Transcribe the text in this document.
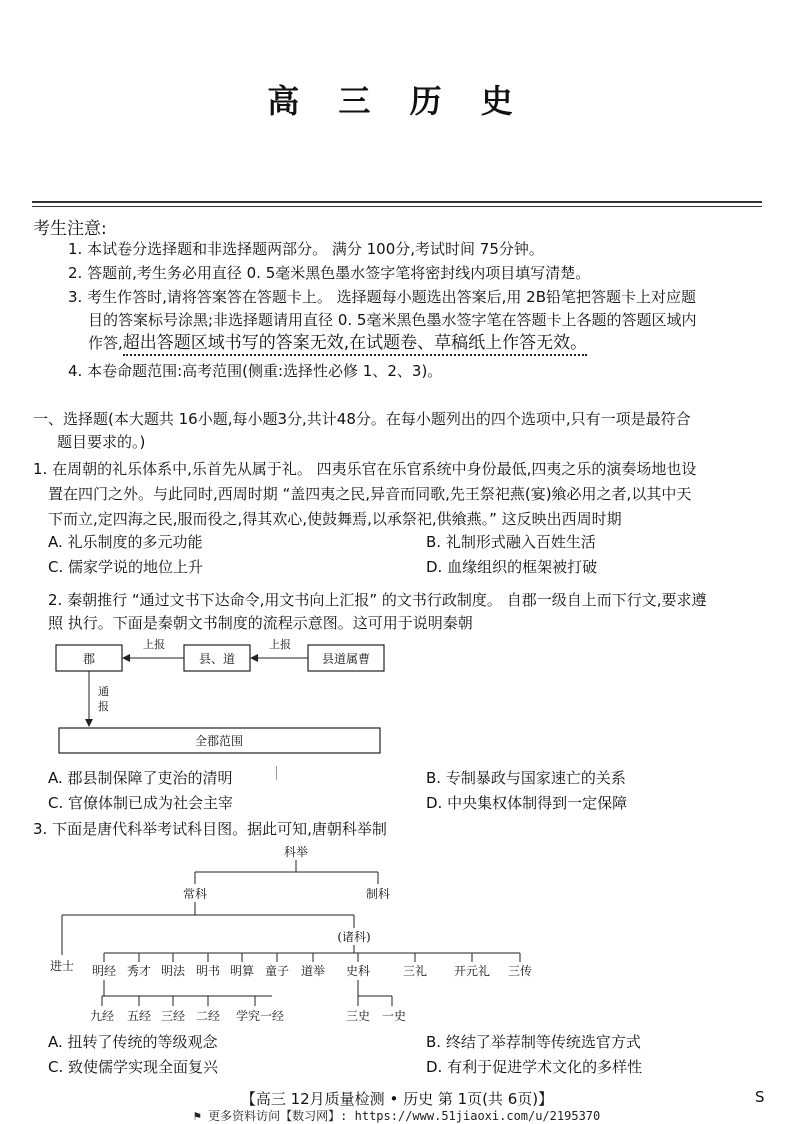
高 三 历 史
考生注意:
1. 本试卷分选择题和非选择题两部分。 满分 100分,考试时间 75分钟。
2. 答题前,考生务必用直径 0. 5毫米黑色墨水签字笔将密封线内项目填写清楚。
3. 考生作答时,请将答案答在答题卡上。 选择题每小题选出答案后,用 2B铅笔把答题卡上对应题
目的答案标号涂黑;非选择题请用直径 0. 5毫米黑色墨水签字笔在答题卡上各题的答题区域内
作答,超出答题区域书写的答案无效,在试题卷、草稿纸上作答无效。
4. 本卷命题范围:高考范围(侧重:选择性必修 1、2、3)。
一、选择题(本大题共 16小题,每小题3分,共计48分。在每小题列出的四个选项中,只有一项是最符合
题目要求的。)
1. 在周朝的礼乐体系中,乐首先从属于礼。 四夷乐官在乐官系统中身份最低,四夷之乐的演奏场地也设
置在四门之外。与此同时,西周时期 “盖四夷之民,异音而同歌,先王祭祀燕(宴)飨必用之者,以其中天
下而立,定四海之民,服而役之,得其欢心,使鼓舞焉,以承祭祀,供飨燕。” 这反映出西周时期
A. 礼乐制度的多元功能	B. 礼制形式融入百姓生活
C. 儒家学说的地位上升	D. 血缘组织的框架被打破
2. 秦朝推行 “通过文书下达命令,用文书向上汇报” 的文书行政制度。 自郡一级自上而下行文,要求遵
照 执行。下面是秦朝文书制度的流程示意图。这可用于说明秦朝
郡	县、道	县道属曹
上报	上报
通
报
全郡范围
A. 郡县制保障了吏治的清明	B. 专制暴政与国家速亡的关系
C. 官僚体制已成为社会主宰	D. 中央集权体制得到一定保障
3. 下面是唐代科举考试科目图。据此可知,唐朝科举制
科举
常科	制科
(诸科)
进士 明经 秀才 明法 明书 明算 童子 道举 史科	三礼 开元礼 三传
九经 五经 三经 二经 学究一经	三史 一史
A. 扭转了传统的等级观念	B. 终结了举荐制等传统选官方式
C. 致使儒学实现全面复兴	D. 有利于促进学术文化的多样性
【高三 12月质量检测 • 历史 第 1页(共 6页)】	S
⚑ 更多资料访问【数习网】: https://www.51jiaoxi.com/u/2195370
